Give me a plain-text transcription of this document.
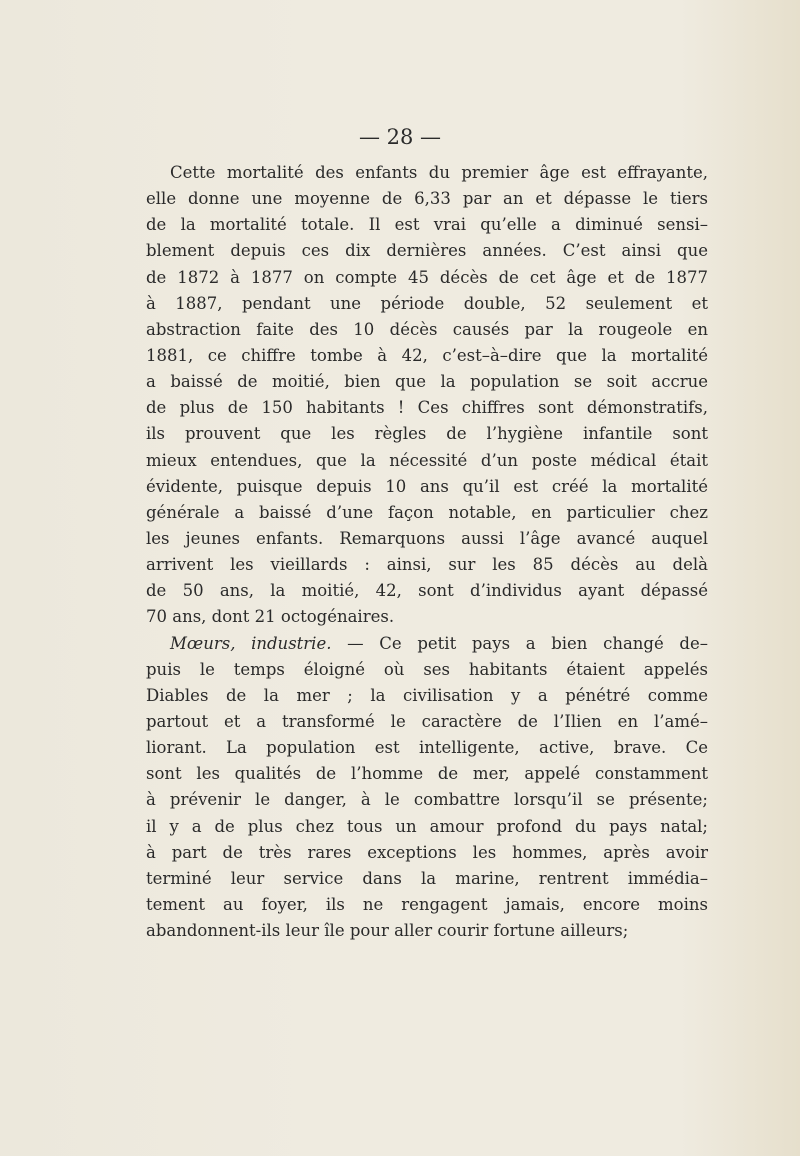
— 28 —
Cette mortalité des enfants du premier âge est effrayante,
elle donne une moyenne de 6,33 par an et dépasse le tiers
de la mortalité totale. Il est vrai qu’elle a diminué sensi–
blement depuis ces dix dernières années. C’est ainsi que
de 1872 à 1877 on compte 45 décès de cet âge et de 1877
à 1887, pendant une période double, 52 seulement et
abstraction faite des 10 décès causés par la rougeole en
1881, ce chiffre tombe à 42, c’est–à–dire que la mortalité
a baissé de moitié, bien que la population se soit accrue
de plus de 150 habitants ! Ces chiffres sont démonstratifs,
ils prouvent que les règles de l’hygiène infantile sont
mieux entendues, que la nécessité d’un poste médical était
évidente, puisque depuis 10 ans qu’il est créé la mortalité
générale a baissé d’une façon notable, en particulier chez
les jeunes enfants. Remarquons aussi l’âge avancé auquel
arrivent les vieillards : ainsi, sur les 85 décès au delà
de 50 ans, la moitié, 42, sont d’individus ayant dépassé
70 ans, dont 21 octogénaires.
Mœurs, industrie. — Ce petit pays a bien changé de–
puis le temps éloigné où ses habitants étaient appelés
Diables de la mer ; la civilisation y a pénétré comme
partout et a transformé le caractère de l’Ilien en l’amé–
liorant. La population est intelligente, active, brave. Ce
sont les qualités de l’homme de mer, appelé constamment
à prévenir le danger, à le combattre lorsqu’il se présente;
il y a de plus chez tous un amour profond du pays natal;
à part de très rares exceptions les hommes, après avoir
terminé leur service dans la marine, rentrent immédia–
tement au foyer, ils ne rengagent jamais, encore moins
abandonnent-ils leur île pour aller courir fortune ailleurs;
